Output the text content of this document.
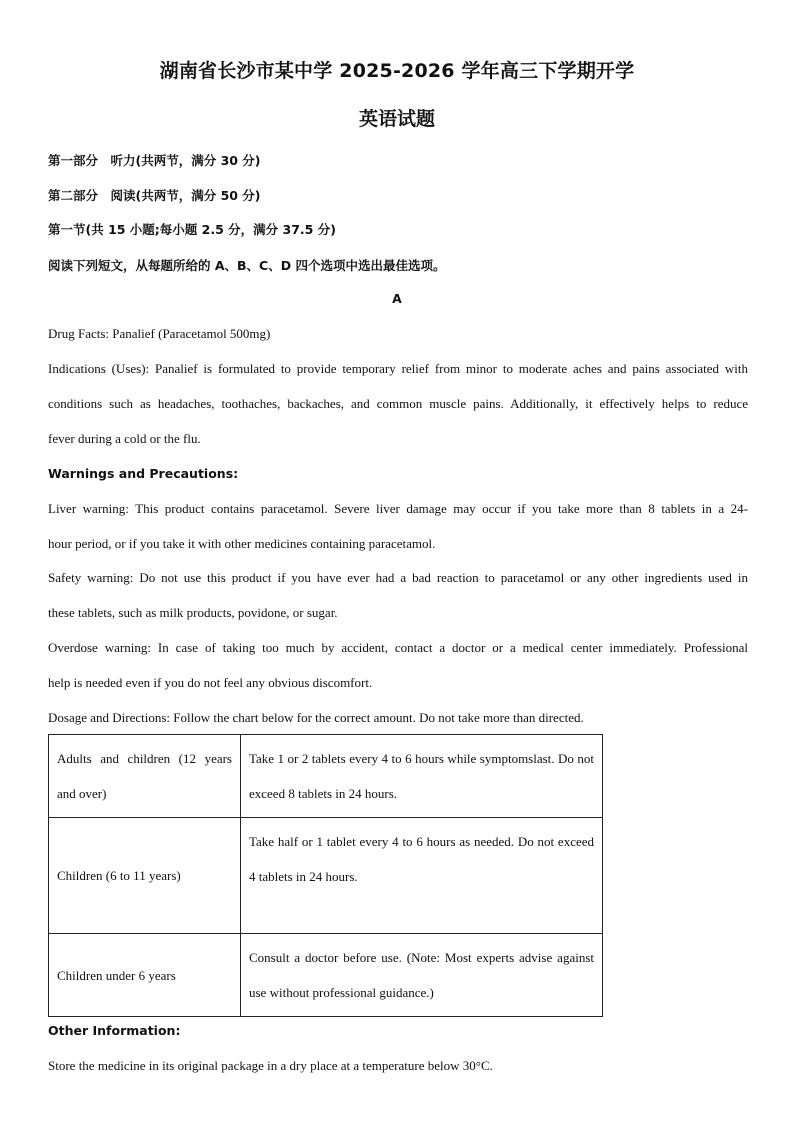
湖南省长沙市某中学 2025-2026 学年高三下学期开学
英语试题
第一部分　听力(共两节，满分 30 分)
第二部分　阅读(共两节，满分 50 分)
第一节(共 15 小题;每小题 2.5 分，满分 37.5 分)
阅读下列短文，从每题所给的 A、B、C、D 四个选项中选出最佳选项。
A
Drug Facts: Panalief (Paracetamol 500mg)
Indications (Uses): Panalief is formulated to provide temporary relief from minor to moderate aches and pains associated with
conditions such as headaches, toothaches, backaches, and common muscle pains. Additionally, it effectively helps to reduce
fever during a cold or the flu.
Warnings and Precautions:
Liver warning: This product contains paracetamol. Severe liver damage may occur if you take more than 8 tablets in a 24-
hour period, or if you take it with other medicines containing paracetamol.
Safety warning: Do not use this product if you have ever had a bad reaction to paracetamol or any other ingredients used in
these tablets, such as milk products, povidone, or sugar.
Overdose warning: In case of taking too much by accident, contact a doctor or a medical center immediately. Professional
help is needed even if you do not feel any obvious discomfort.
Dosage and Directions: Follow the chart below for the correct amount. Do not take more than directed.
Adults and children (12 years and over)	Take 1 or 2 tablets every 4 to 6 hours while symptomslast. Do not exceed 8 tablets in 24 hours.
Children (6 to 11 years)	Take half or 1 tablet every 4 to 6 hours as needed. Do not exceed 4 tablets in 24 hours.
Children under 6 years	Consult a doctor before use. (Note: Most experts advise against use without professional guidance.)
Other Information:
Store the medicine in its original package in a dry place at a temperature below 30°C.
